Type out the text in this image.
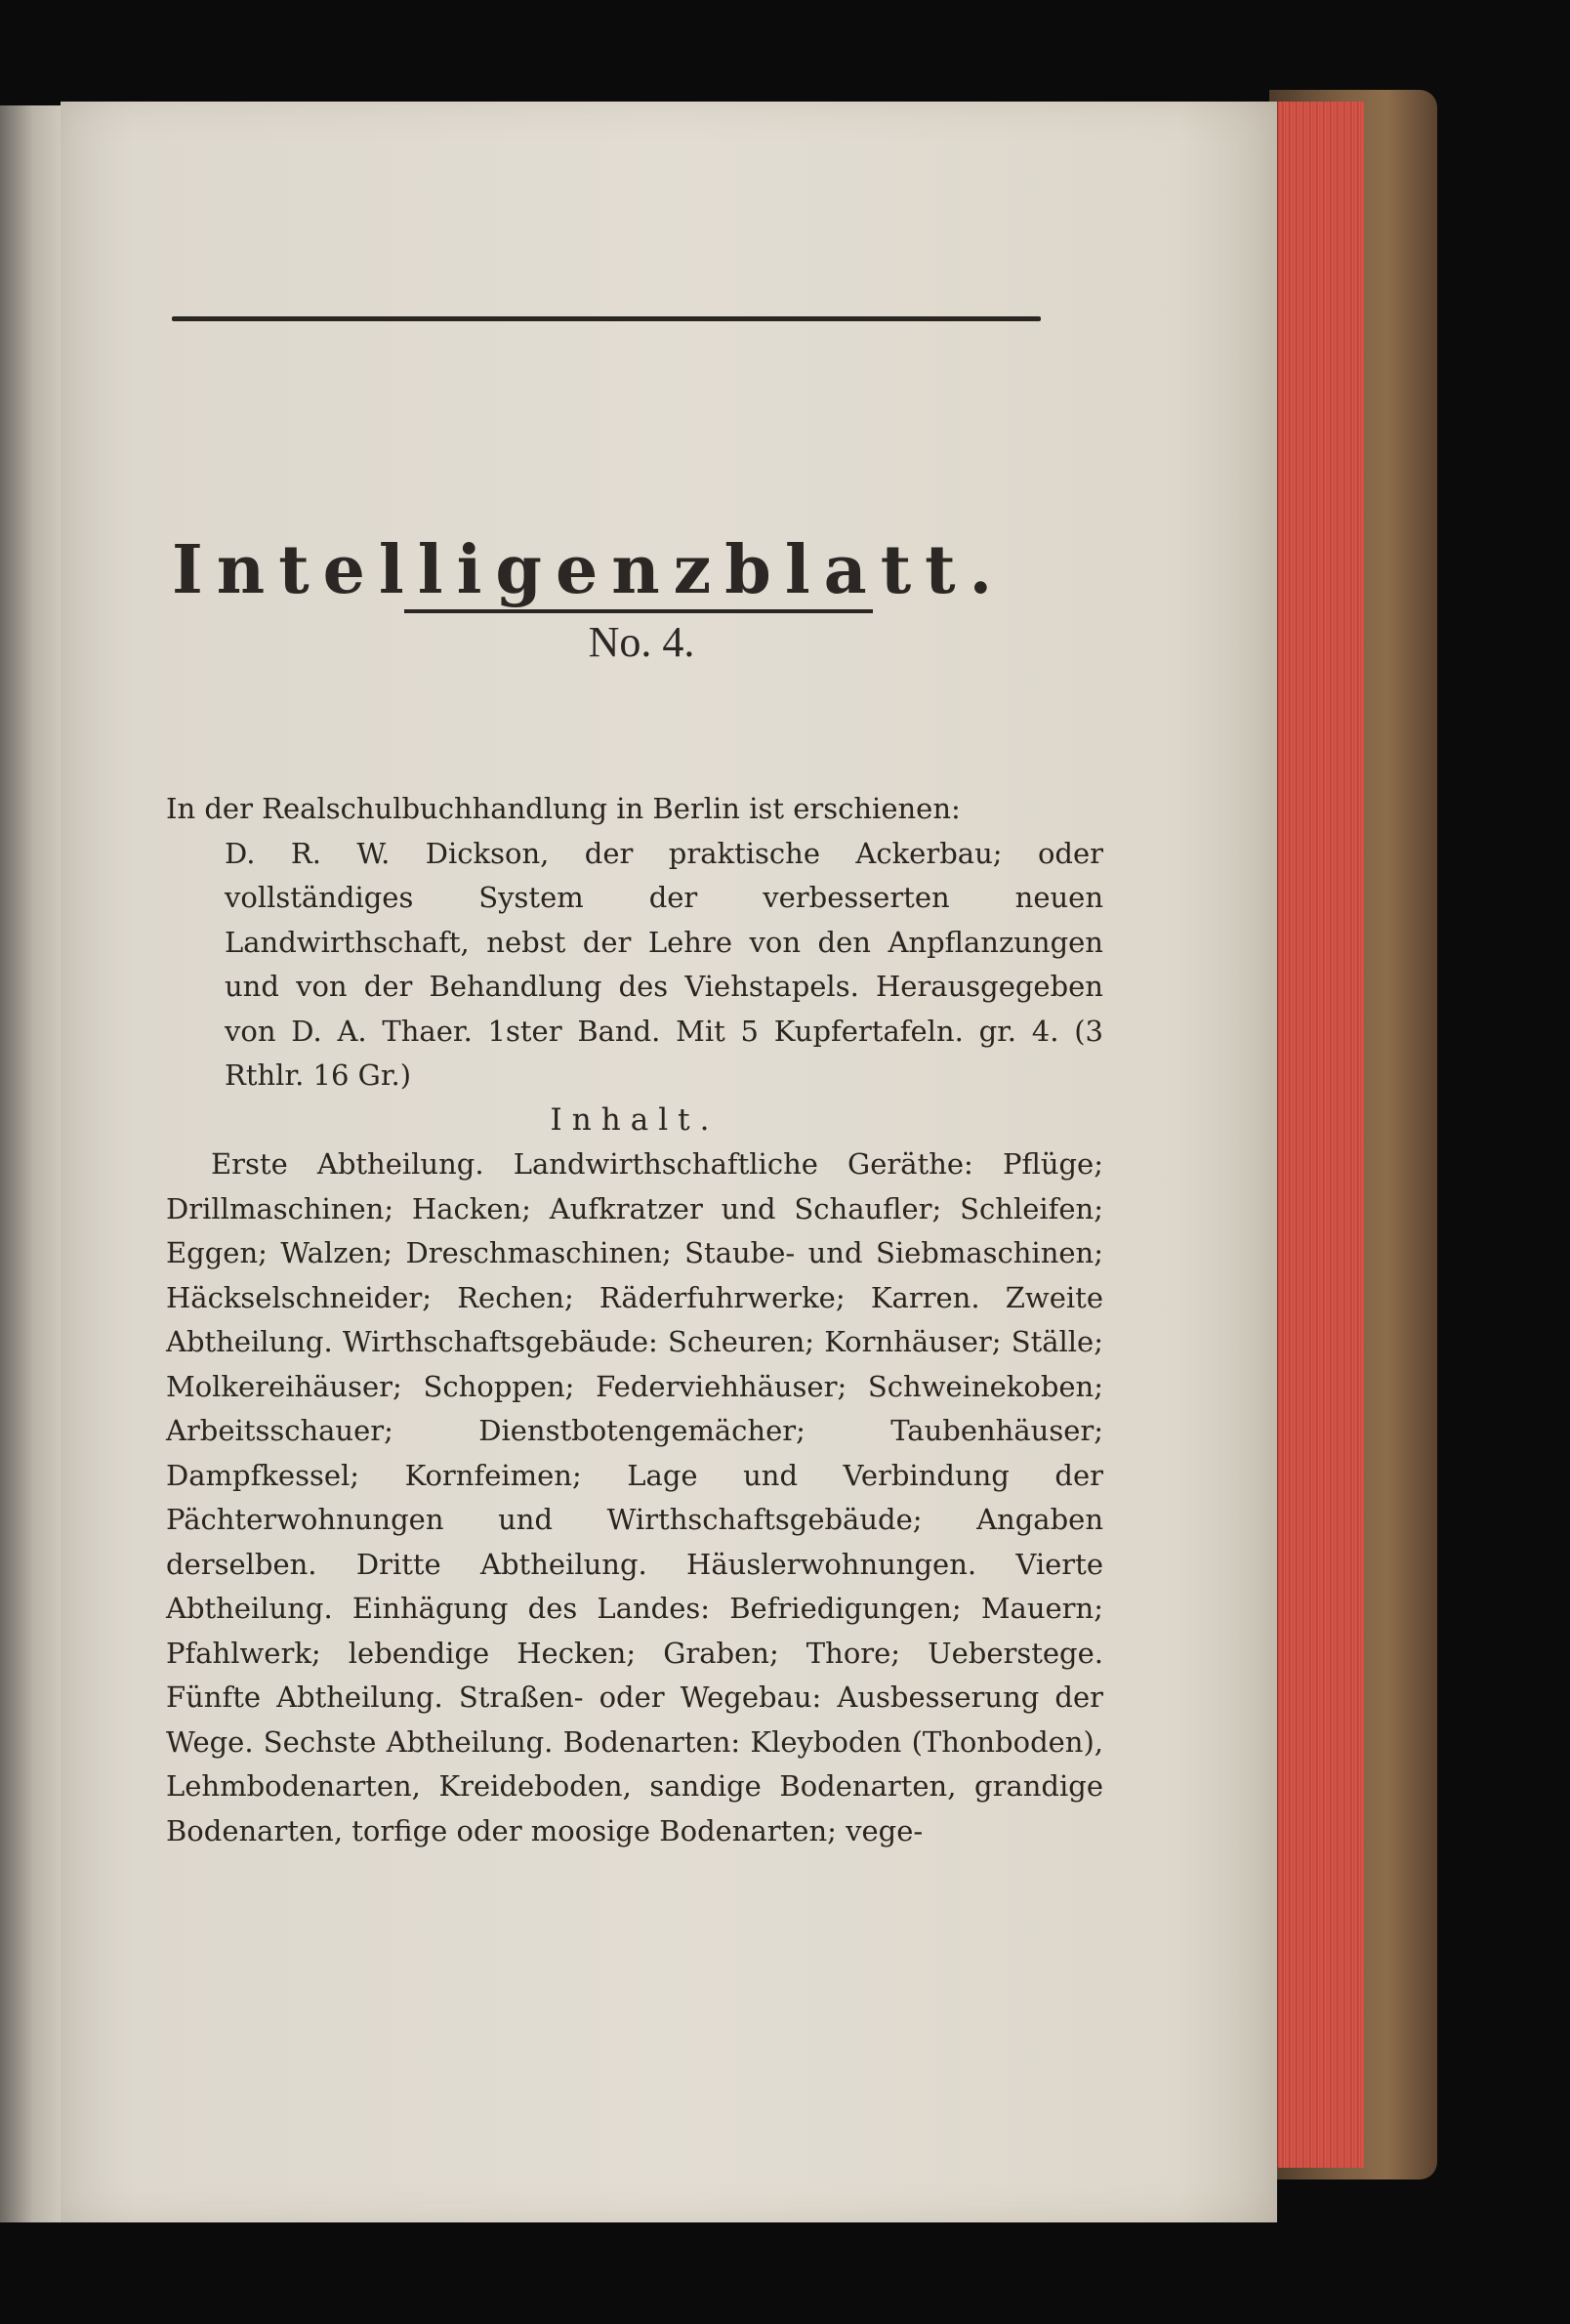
Intelligenzblatt.
No. 4.

In der Realschulbuchhandlung in Berlin ist erschienen:

D. R. W. Dickson, der praktische Ackerbau; oder vollständiges System der verbesserten neuen Landwirthschaft, nebst der Lehre von den Anpflanzungen und von der Behandlung des Viehstapels. Herausgegeben von D. A. Thaer. 1ster Band. Mit 5 Kupfertafeln. gr. 4. (3 Rthlr. 16 Gr.)

Inhalt.

Erste Abtheilung. Landwirthschaftliche Geräthe: Pflüge; Drillmaschinen; Hacken; Aufkratzer und Schaufler; Schleifen; Eggen; Walzen; Dreschmaschinen; Staube- und Siebmaschinen; Häckselschneider; Rechen; Räderfuhrwerke; Karren. Zweite Abtheilung. Wirthschaftsgebäude: Scheuren; Kornhäuser; Ställe; Molkereihäuser; Schoppen; Federviehhäuser; Schweinekoben; Arbeitsschauer; Dienstbotengemächer; Taubenhäuser; Dampfkessel; Kornfeimen; Lage und Verbindung der Pächterwohnungen und Wirthschaftsgebäude; Angaben derselben. Dritte Abtheilung. Häuslerwohnungen. Vierte Abtheilung. Einhägung des Landes: Befriedigungen; Mauern; Pfahlwerk; lebendige Hecken; Graben; Thore; Ueberstege. Fünfte Abtheilung. Straßen- oder Wegebau: Ausbesserung der Wege. Sechste Abtheilung. Bodenarten: Kleyboden (Thonboden), Lehmbodenarten, Kreideboden, sandige Bodenarten, grandige Bodenarten, torfige oder moosige Bodenarten; vege-
